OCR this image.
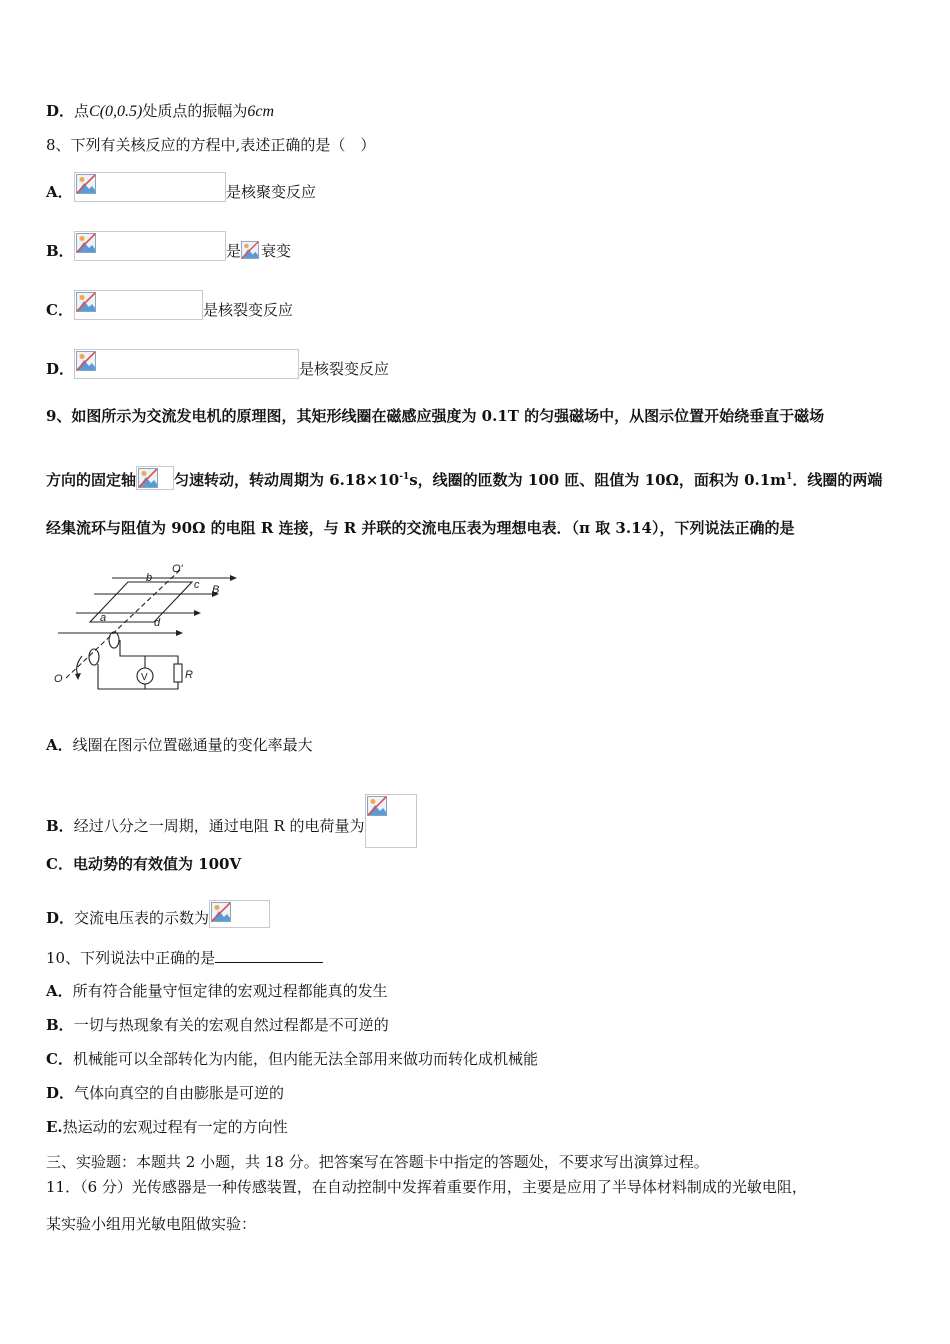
D．点C(0,0.5)处质点的振幅为6cm
8、下列有关核反应的方程中,表述正确的是（　）
A．	是核聚变反应
B．	是 衰变
C．	是核裂变反应
D．	是核裂变反应
9、如图所示为交流发电机的原理图，其矩形线圈在磁感应强度为 0.1T 的匀强磁场中，从图示位置开始绕垂直于磁场
方向的固定轴	匀速转动，转动周期为 $6.18\times 10^{-1}s$，线圈的匝数为 100 匝、阻值为 10Ω，面积为 $0.1m^1$．线圈的两端
经集流环与阻值为 90Ω 的电阻 R 连接，与 R 并联的交流电压表为理想电表．（π 取 3.14），下列说法正确的是
O'
b
c B
a	d
O	V	R
A．线圈在图示位置磁通量的变化率最大
B．经过八分之一周期，通过电阻 R 的电荷量为
C．电动势的有效值为 100V
D．交流电压表的示数为
10、下列说法中正确的是
A．所有符合能量守恒定律的宏观过程都能真的发生
B．一切与热现象有关的宏观自然过程都是不可逆的
C．机械能可以全部转化为内能，但内能无法全部用来做功而转化成机械能
D．气体向真空的自由膨胀是可逆的
E.热运动的宏观过程有一定的方向性
三、实验题：本题共 2 小题，共 18 分。把答案写在答题卡中指定的答题处，不要求写出演算过程。
11．（6 分）光传感器是一种传感装置，在自动控制中发挥着重要作用，主要是应用了半导体材料制成的光敏电阻，
某实验小组用光敏电阻做实验：
